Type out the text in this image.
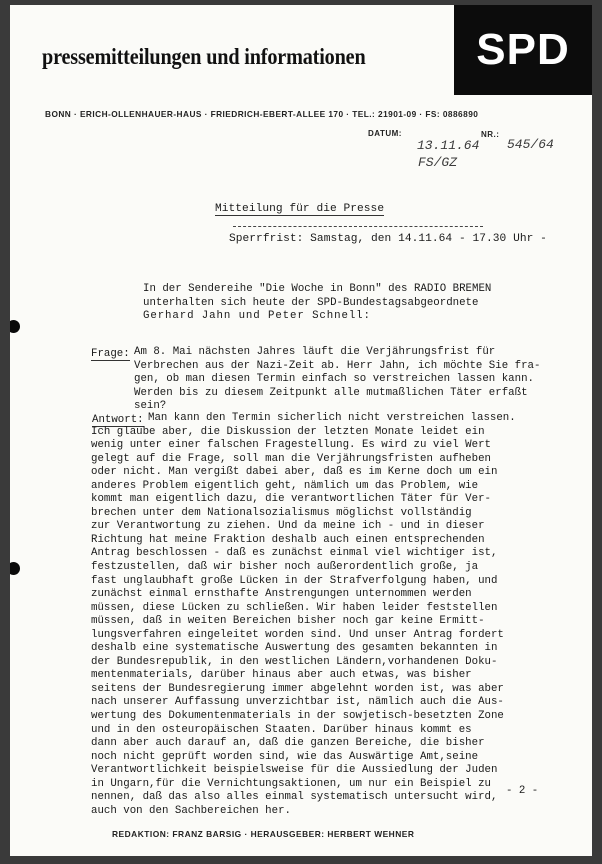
pressemitteilungen und informationen	SPD
BONN · ERICH-OLLENHAUER-HAUS · FRIEDRICH-EBERT-ALLEE 170 · TEL.: 21901-09 · FS: 0886890
DATUM:	NR.:
13.11.64 545/64
FS/GZ
Mitteilung für die Presse
Sperrfrist: Samstag, den 14.11.64 - 17.30 Uhr -
In der Sendereihe "Die Woche in Bonn" des RADIO BREMEN
unterhalten sich heute der SPD-Bundestagsabgeordnete
Gerhard Jahn und Peter Schnell:
Frage: Am 8. Mai nächsten Jahres läuft die Verjährungsfrist für
Verbrechen aus der Nazi-Zeit ab. Herr Jahn, ich möchte Sie fra-
gen, ob man diesen Termin einfach so verstreichen lassen kann.
Werden bis zu diesem Zeitpunkt alle mutmaßlichen Täter erfaßt
sein?
Antwort: Man kann den Termin sicherlich nicht verstreichen lassen.
Ich glaube aber, die Diskussion der letzten Monate leidet ein
wenig unter einer falschen Fragestellung. Es wird zu viel Wert
gelegt auf die Frage, soll man die Verjährungsfristen aufheben
oder nicht. Man vergißt dabei aber, daß es im Kerne doch um ein
anderes Problem eigentlich geht, nämlich um das Problem, wie
kommt man eigentlich dazu, die verantwortlichen Täter für Ver-
brechen unter dem Nationalsozialismus möglichst vollständig
zur Verantwortung zu ziehen. Und da meine ich - und in dieser
Richtung hat meine Fraktion deshalb auch einen entsprechenden
Antrag beschlossen - daß es zunächst einmal viel wichtiger ist,
festzustellen, daß wir bisher noch außerordentlich große, ja
fast unglaubhaft große Lücken in der Strafverfolgung haben, und
zunächst einmal ernsthafte Anstrengungen unternommen werden
müssen, diese Lücken zu schließen. Wir haben leider feststellen
müssen, daß in weiten Bereichen bisher noch gar keine Ermitt-
lungsverfahren eingeleitet worden sind. Und unser Antrag fordert
deshalb eine systematische Auswertung des gesamten bekannten in
der Bundesrepublik, in den westlichen Ländern,vorhandenen Doku-
mentenmaterials, darüber hinaus aber auch etwas, was bisher
seitens der Bundesregierung immer abgelehnt worden ist, was aber
nach unserer Auffassung unverzichtbar ist, nämlich auch die Aus-
wertung des Dokumentenmaterials in der sowjetisch-besetzten Zone
und in den osteuropäischen Staaten. Darüber hinaus kommt es
dann aber auch darauf an, daß die ganzen Bereiche, die bisher
noch nicht geprüft worden sind, wie das Auswärtige Amt,seine
Verantwortlichkeit beispielsweise für die Aussiedlung der Juden
in Ungarn,für die Vernichtungsaktionen, um nur ein Beispiel zu
nennen, daß das also alles einmal systematisch untersucht wird,
auch von den Sachbereichen her.
- 2 -
REDAKTION: FRANZ BARSIG · HERAUSGEBER: HERBERT WEHNER
